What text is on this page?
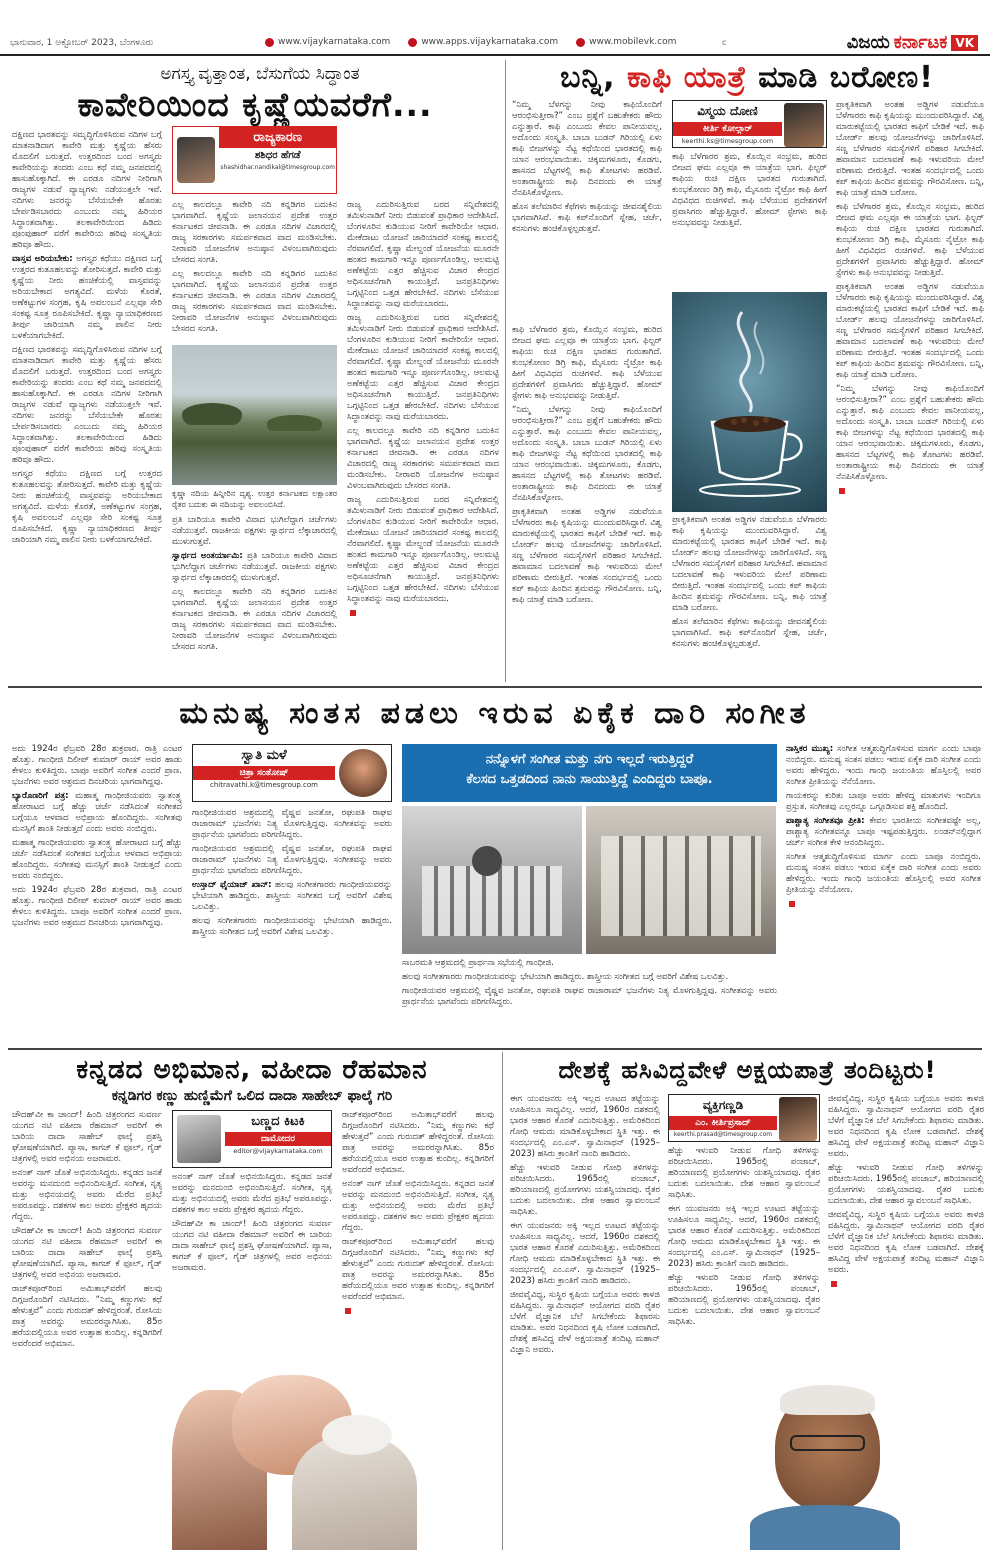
ಭಾನುವಾರ, 1 ಅಕ್ಟೋಬರ್ 2023, ಬೆಂಗಳೂರು	www.vijaykarnataka.com	www.apps.vijaykarnataka.com	www.mobilevk.com	c	ವಿಜಯ ಕರ್ನಾಟಕ VK
ಅಗಸ್ತ್ಯ ವೃತ್ತಾಂತ, ಬೆಸುಗೆಯ ಸಿದ್ಧಾಂತ
ಕಾವೇರಿಯಿಂದ ಕೃಷ್ಣೆಯವರೆಗೆ...

ದಕ್ಷಿಣದ ಭಾರತವನ್ನು ಸಮೃದ್ಧಿಗೊಳಿಸಿರುವ ನದಿಗಳ ಬಗ್ಗೆ ಮಾತನಾಡಿದಾಗ ಕಾವೇರಿ ಮತ್ತು ಕೃಷ್ಣೆಯ ಹೆಸರು ಮೊದಲಿಗೆ ಬರುತ್ತದೆ. ಉತ್ತರದಿಂದ ಬಂದ ಅಗಸ್ತ್ಯರು ಕಾವೇರಿಯನ್ನು ತಂದರು ಎಂಬ ಕಥೆ ನಮ್ಮ ಜನಪದದಲ್ಲಿ ಹಾಸುಹೊಕ್ಕಾಗಿದೆ. ಈ ಎರಡೂ ನದಿಗಳ ನೀರಿಗಾಗಿ ರಾಜ್ಯಗಳ ನಡುವೆ ವ್ಯಾಜ್ಯಗಳು ನಡೆಯುತ್ತಲೇ ಇವೆ. ನದಿಗಳು ಜನರನ್ನು ಬೆಸೆಯಬೇಕೇ ಹೊರತು ಬೇರ್ಪಡಿಸಬಾರದು ಎಂಬುದು ನಮ್ಮ ಹಿರಿಯರ ಸಿದ್ಧಾಂತವಾಗಿತ್ತು. ತಲಕಾವೇರಿಯಿಂದ ಹಿಡಿದು ಪೂಂಪುಹಾರ್ ವರೆಗೆ ಕಾವೇರಿಯ ಹರಿವು ಸಂಸ್ಕೃತಿಯ ಹರಿವೂ ಹೌದು.

ವಾಸ್ತವ ಅರಿಯಬೇಕು: ಅಗಸ್ತ್ಯರ ಕಥೆಯು ದಕ್ಷಿಣದ ಬಗ್ಗೆ ಉತ್ತರದ ಕುತೂಹಲವನ್ನು ತೋರಿಸುತ್ತದೆ. ಕಾವೇರಿ ಮತ್ತು ಕೃಷ್ಣೆಯ ನೀರು ಹಂಚಿಕೆಯಲ್ಲಿ ವಾಸ್ತವವನ್ನು ಅರಿಯಬೇಕಾದ ಅಗತ್ಯವಿದೆ. ಮಳೆಯ ಕೊರತೆ, ಅಣೆಕಟ್ಟುಗಳ ಸಂಗ್ರಹ, ಕೃಷಿ ಅವಲಂಬನೆ ಎಲ್ಲವೂ ಸೇರಿ ಸಂಕಷ್ಟ ಸೂತ್ರ ರೂಪಿಸಬೇಕಿದೆ. ಕೃಷ್ಣಾ ನ್ಯಾಯಾಧಿಕರಣದ ತೀರ್ಪು ಜಾರಿಯಾಗಿ ನಮ್ಮ ಪಾಲಿನ ನೀರು ಬಳಕೆಯಾಗಬೇಕಿದೆ.

ದಕ್ಷಿಣದ ಭಾರತವನ್ನು ಸಮೃದ್ಧಿಗೊಳಿಸಿರುವ ನದಿಗಳ ಬಗ್ಗೆ ಮಾತನಾಡಿದಾಗ ಕಾವೇರಿ ಮತ್ತು ಕೃಷ್ಣೆಯ ಹೆಸರು ಮೊದಲಿಗೆ ಬರುತ್ತದೆ. ಉತ್ತರದಿಂದ ಬಂದ ಅಗಸ್ತ್ಯರು ಕಾವೇರಿಯನ್ನು ತಂದರು ಎಂಬ ಕಥೆ ನಮ್ಮ ಜನಪದದಲ್ಲಿ ಹಾಸುಹೊಕ್ಕಾಗಿದೆ. ಈ ಎರಡೂ ನದಿಗಳ ನೀರಿಗಾಗಿ ರಾಜ್ಯಗಳ ನಡುವೆ ವ್ಯಾಜ್ಯಗಳು ನಡೆಯುತ್ತಲೇ ಇವೆ. ನದಿಗಳು ಜನರನ್ನು ಬೆಸೆಯಬೇಕೇ ಹೊರತು ಬೇರ್ಪಡಿಸಬಾರದು ಎಂಬುದು ನಮ್ಮ ಹಿರಿಯರ ಸಿದ್ಧಾಂತವಾಗಿತ್ತು. ತಲಕಾವೇರಿಯಿಂದ ಹಿಡಿದು ಪೂಂಪುಹಾರ್ ವರೆಗೆ ಕಾವೇರಿಯ ಹರಿವು ಸಂಸ್ಕೃತಿಯ ಹರಿವೂ ಹೌದು.

ಅಗಸ್ತ್ಯರ ಕಥೆಯು ದಕ್ಷಿಣದ ಬಗ್ಗೆ ಉತ್ತರದ ಕುತೂಹಲವನ್ನು ತೋರಿಸುತ್ತದೆ. ಕಾವೇರಿ ಮತ್ತು ಕೃಷ್ಣೆಯ ನೀರು ಹಂಚಿಕೆಯಲ್ಲಿ ವಾಸ್ತವವನ್ನು ಅರಿಯಬೇಕಾದ ಅಗತ್ಯವಿದೆ. ಮಳೆಯ ಕೊರತೆ, ಅಣೆಕಟ್ಟುಗಳ ಸಂಗ್ರಹ, ಕೃಷಿ ಅವಲಂಬನೆ ಎಲ್ಲವೂ ಸೇರಿ ಸಂಕಷ್ಟ ಸೂತ್ರ ರೂಪಿಸಬೇಕಿದೆ. ಕೃಷ್ಣಾ ನ್ಯಾಯಾಧಿಕರಣದ ತೀರ್ಪು ಜಾರಿಯಾಗಿ ನಮ್ಮ ಪಾಲಿನ ನೀರು ಬಳಕೆಯಾಗಬೇಕಿದೆ.

ರಾಜ್ಯಕಾರಣ
ಶಶಿಧರ ಹೆಗಡೆ
shashidhar.nandikal@timesgroup.com

ಎಲ್ಲ ಕಾಲದಲ್ಲೂ ಕಾವೇರಿ ನದಿ ಕನ್ನಡಿಗರ ಬದುಕಿನ ಭಾಗವಾಗಿದೆ. ಕೃಷ್ಣೆಯ ಜಲಾನಯನ ಪ್ರದೇಶ ಉತ್ತರ ಕರ್ನಾಟಕದ ಜೀವನಾಡಿ. ಈ ಎರಡೂ ನದಿಗಳ ವಿಚಾರದಲ್ಲಿ ರಾಜ್ಯ ಸರಕಾರಗಳು ಸಮರ್ಪಕವಾದ ವಾದ ಮಂಡಿಸಬೇಕು. ನೀರಾವರಿ ಯೋಜನೆಗಳ ಅನುಷ್ಠಾನ ವಿಳಂಬವಾಗಿರುವುದು ಬೇಸರದ ಸಂಗತಿ.

ಎಲ್ಲ ಕಾಲದಲ್ಲೂ ಕಾವೇರಿ ನದಿ ಕನ್ನಡಿಗರ ಬದುಕಿನ ಭಾಗವಾಗಿದೆ. ಕೃಷ್ಣೆಯ ಜಲಾನಯನ ಪ್ರದೇಶ ಉತ್ತರ ಕರ್ನಾಟಕದ ಜೀವನಾಡಿ. ಈ ಎರಡೂ ನದಿಗಳ ವಿಚಾರದಲ್ಲಿ ರಾಜ್ಯ ಸರಕಾರಗಳು ಸಮರ್ಪಕವಾದ ವಾದ ಮಂಡಿಸಬೇಕು. ನೀರಾವರಿ ಯೋಜನೆಗಳ ಅನುಷ್ಠಾನ ವಿಳಂಬವಾಗಿರುವುದು ಬೇಸರದ ಸಂಗತಿ.

ಕೃಷ್ಣಾ ನದಿಯ ಹಿನ್ನೀರಿನ ದೃಶ್ಯ. ಉತ್ತರ ಕರ್ನಾಟಕದ ಲಕ್ಷಾಂತರ ರೈತರ ಬದುಕು ಈ ನದಿಯನ್ನು ಅವಲಂಬಿಸಿದೆ.

ಪ್ರತಿ ಬಾರಿಯೂ ಕಾವೇರಿ ವಿವಾದ ಭುಗಿಲೆದ್ದಾಗ ಚರ್ಚೆಗಳು ನಡೆಯುತ್ತವೆ. ರಾಜಕೀಯ ಪಕ್ಷಗಳು ಸ್ವಾರ್ಥದ ಲೆಕ್ಕಾಚಾರದಲ್ಲಿ ಮುಳುಗುತ್ತವೆ.

ಸ್ವಾರ್ಥದ ಅಂತರ್ಯಾಮಿ: ಪ್ರತಿ ಬಾರಿಯೂ ಕಾವೇರಿ ವಿವಾದ ಭುಗಿಲೆದ್ದಾಗ ಚರ್ಚೆಗಳು ನಡೆಯುತ್ತವೆ. ರಾಜಕೀಯ ಪಕ್ಷಗಳು ಸ್ವಾರ್ಥದ ಲೆಕ್ಕಾಚಾರದಲ್ಲಿ ಮುಳುಗುತ್ತವೆ.

ಎಲ್ಲ ಕಾಲದಲ್ಲೂ ಕಾವೇರಿ ನದಿ ಕನ್ನಡಿಗರ ಬದುಕಿನ ಭಾಗವಾಗಿದೆ. ಕೃಷ್ಣೆಯ ಜಲಾನಯನ ಪ್ರದೇಶ ಉತ್ತರ ಕರ್ನಾಟಕದ ಜೀವನಾಡಿ. ಈ ಎರಡೂ ನದಿಗಳ ವಿಚಾರದಲ್ಲಿ ರಾಜ್ಯ ಸರಕಾರಗಳು ಸಮರ್ಪಕವಾದ ವಾದ ಮಂಡಿಸಬೇಕು. ನೀರಾವರಿ ಯೋಜನೆಗಳ ಅನುಷ್ಠಾನ ವಿಳಂಬವಾಗಿರುವುದು ಬೇಸರದ ಸಂಗತಿ.

ರಾಜ್ಯ ಎದುರಿಸುತ್ತಿರುವ ಬರದ ಸನ್ನಿವೇಶದಲ್ಲಿ ತಮಿಳುನಾಡಿಗೆ ನೀರು ಬಿಡುವಂತೆ ಪ್ರಾಧಿಕಾರ ಆದೇಶಿಸಿದೆ. ಬೆಂಗಳೂರಿನ ಕುಡಿಯುವ ನೀರಿಗೆ ಕಾವೇರಿಯೇ ಆಧಾರ. ಮೇಕೆದಾಟು ಯೋಜನೆ ಜಾರಿಯಾದರೆ ಸಂಕಷ್ಟ ಕಾಲದಲ್ಲಿ ನೆರವಾಗಲಿದೆ. ಕೃಷ್ಣಾ ಮೇಲ್ದಂಡೆ ಯೋಜನೆಯ ಮೂರನೇ ಹಂತದ ಕಾಮಗಾರಿ ಇನ್ನೂ ಪೂರ್ಣಗೊಂಡಿಲ್ಲ. ಆಲಮಟ್ಟಿ ಅಣೆಕಟ್ಟೆಯ ಎತ್ತರ ಹೆಚ್ಚಿಸುವ ವಿಚಾರ ಕೇಂದ್ರದ ಅಧಿಸೂಚನೆಗಾಗಿ ಕಾಯುತ್ತಿದೆ. ಜನಪ್ರತಿನಿಧಿಗಳು ಒಗ್ಗಟ್ಟಿನಿಂದ ಒತ್ತಡ ಹೇರಬೇಕಿದೆ. ನದಿಗಳು ಬೆಸೆಯುವ ಸಿದ್ಧಾಂತವನ್ನು ನಾವು ಮರೆಯಬಾರದು.

ರಾಜ್ಯ ಎದುರಿಸುತ್ತಿರುವ ಬರದ ಸನ್ನಿವೇಶದಲ್ಲಿ ತಮಿಳುನಾಡಿಗೆ ನೀರು ಬಿಡುವಂತೆ ಪ್ರಾಧಿಕಾರ ಆದೇಶಿಸಿದೆ. ಬೆಂಗಳೂರಿನ ಕುಡಿಯುವ ನೀರಿಗೆ ಕಾವೇರಿಯೇ ಆಧಾರ. ಮೇಕೆದಾಟು ಯೋಜನೆ ಜಾರಿಯಾದರೆ ಸಂಕಷ್ಟ ಕಾಲದಲ್ಲಿ ನೆರವಾಗಲಿದೆ. ಕೃಷ್ಣಾ ಮೇಲ್ದಂಡೆ ಯೋಜನೆಯ ಮೂರನೇ ಹಂತದ ಕಾಮಗಾರಿ ಇನ್ನೂ ಪೂರ್ಣಗೊಂಡಿಲ್ಲ. ಆಲಮಟ್ಟಿ ಅಣೆಕಟ್ಟೆಯ ಎತ್ತರ ಹೆಚ್ಚಿಸುವ ವಿಚಾರ ಕೇಂದ್ರದ ಅಧಿಸೂಚನೆಗಾಗಿ ಕಾಯುತ್ತಿದೆ. ಜನಪ್ರತಿನಿಧಿಗಳು ಒಗ್ಗಟ್ಟಿನಿಂದ ಒತ್ತಡ ಹೇರಬೇಕಿದೆ. ನದಿಗಳು ಬೆಸೆಯುವ ಸಿದ್ಧಾಂತವನ್ನು ನಾವು ಮರೆಯಬಾರದು.

ಎಲ್ಲ ಕಾಲದಲ್ಲೂ ಕಾವೇರಿ ನದಿ ಕನ್ನಡಿಗರ ಬದುಕಿನ ಭಾಗವಾಗಿದೆ. ಕೃಷ್ಣೆಯ ಜಲಾನಯನ ಪ್ರದೇಶ ಉತ್ತರ ಕರ್ನಾಟಕದ ಜೀವನಾಡಿ. ಈ ಎರಡೂ ನದಿಗಳ ವಿಚಾರದಲ್ಲಿ ರಾಜ್ಯ ಸರಕಾರಗಳು ಸಮರ್ಪಕವಾದ ವಾದ ಮಂಡಿಸಬೇಕು. ನೀರಾವರಿ ಯೋಜನೆಗಳ ಅನುಷ್ಠಾನ ವಿಳಂಬವಾಗಿರುವುದು ಬೇಸರದ ಸಂಗತಿ.

ರಾಜ್ಯ ಎದುರಿಸುತ್ತಿರುವ ಬರದ ಸನ್ನಿವೇಶದಲ್ಲಿ ತಮಿಳುನಾಡಿಗೆ ನೀರು ಬಿಡುವಂತೆ ಪ್ರಾಧಿಕಾರ ಆದೇಶಿಸಿದೆ. ಬೆಂಗಳೂರಿನ ಕುಡಿಯುವ ನೀರಿಗೆ ಕಾವೇರಿಯೇ ಆಧಾರ. ಮೇಕೆದಾಟು ಯೋಜನೆ ಜಾರಿಯಾದರೆ ಸಂಕಷ್ಟ ಕಾಲದಲ್ಲಿ ನೆರವಾಗಲಿದೆ. ಕೃಷ್ಣಾ ಮೇಲ್ದಂಡೆ ಯೋಜನೆಯ ಮೂರನೇ ಹಂತದ ಕಾಮಗಾರಿ ಇನ್ನೂ ಪೂರ್ಣಗೊಂಡಿಲ್ಲ. ಆಲಮಟ್ಟಿ ಅಣೆಕಟ್ಟೆಯ ಎತ್ತರ ಹೆಚ್ಚಿಸುವ ವಿಚಾರ ಕೇಂದ್ರದ ಅಧಿಸೂಚನೆಗಾಗಿ ಕಾಯುತ್ತಿದೆ. ಜನಪ್ರತಿನಿಧಿಗಳು ಒಗ್ಗಟ್ಟಿನಿಂದ ಒತ್ತಡ ಹೇರಬೇಕಿದೆ. ನದಿಗಳು ಬೆಸೆಯುವ ಸಿದ್ಧಾಂತವನ್ನು ನಾವು ಮರೆಯಬಾರದು.

ಬನ್ನಿ, ಕಾಫಿ ಯಾತ್ರೆ ಮಾಡಿ ಬರೋಣ!

“ನಿಮ್ಮ ಬೆಳಗನ್ನು ನೀವು ಕಾಫಿಯೊಂದಿಗೆ ಆರಂಭಿಸುತ್ತೀರಾ?” ಎಂಬ ಪ್ರಶ್ನೆಗೆ ಬಹುತೇಕರು ಹೌದು ಎನ್ನುತ್ತಾರೆ. ಕಾಫಿ ಎಂಬುದು ಕೇವಲ ಪಾನೀಯವಲ್ಲ, ಅದೊಂದು ಸಂಸ್ಕೃತಿ. ಬಾಬಾ ಬುಡನ್ ಗಿರಿಯಲ್ಲಿ ಏಳು ಕಾಫಿ ಬೀಜಗಳನ್ನು ನೆಟ್ಟ ಕಥೆಯಿಂದ ಭಾರತದಲ್ಲಿ ಕಾಫಿ ಯಾನ ಆರಂಭವಾಯಿತು. ಚಿಕ್ಕಮಗಳೂರು, ಕೊಡಗು, ಹಾಸನದ ಬೆಟ್ಟಗಳಲ್ಲಿ ಕಾಫಿ ತೋಟಗಳು ಹರಡಿವೆ. ಅಂತಾರಾಷ್ಟ್ರೀಯ ಕಾಫಿ ದಿನದಂದು ಈ ಯಾತ್ರೆ ನೆನಪಿಸಿಕೊಳ್ಳೋಣ.

ಹೊಸ ತಲೆಮಾರಿನ ಕೆಫೆಗಳು ಕಾಫಿಯನ್ನು ಜೀವನಶೈಲಿಯ ಭಾಗವಾಗಿಸಿವೆ. ಕಾಫಿ ಕಪ್‌ನೊಂದಿಗೆ ಸ್ನೇಹ, ಚರ್ಚೆ, ಕನಸುಗಳು ಹಂಚಿಕೊಳ್ಳಲ್ಪಡುತ್ತವೆ.

ವಿಸ್ಮಯ ದೋಣಿ
ಕೀರ್ತಿ ಕೋಲ್ಗಾರ್
keerthi.ks@timesgroup.com

ಕಾಫಿ ಬೆಳೆಗಾರರ ಶ್ರಮ, ಕೊಯ್ಲಿನ ಸಂಭ್ರಮ, ಹುರಿದ ಬೀಜದ ಘಮ ಎಲ್ಲವೂ ಈ ಯಾತ್ರೆಯ ಭಾಗ. ಫಿಲ್ಟರ್ ಕಾಫಿಯ ರುಚಿ ದಕ್ಷಿಣ ಭಾರತದ ಗುರುತಾಗಿದೆ. ಕುಂಭಕೋಣಂ ಡಿಗ್ರಿ ಕಾಫಿ, ಮೈಸೂರು ನೈಟ್ರೋ ಕಾಫಿ ಹೀಗೆ ವಿಧವಿಧದ ರುಚಿಗಳಿವೆ. ಕಾಫಿ ಬೆಳೆಯುವ ಪ್ರದೇಶಗಳಿಗೆ ಪ್ರವಾಸಿಗರು ಹೆಚ್ಚುತ್ತಿದ್ದಾರೆ. ಹೋಮ್ ಸ್ಟೇಗಳು ಕಾಫಿ ಅನುಭವವನ್ನು ನೀಡುತ್ತಿವೆ.

ಪ್ರಾಕೃತಿಕವಾಗಿ ಅಂತಹ ಅಡ್ಡಿಗಳ ನಡುವೆಯೂ ಬೆಳೆಗಾರರು ಕಾಫಿ ಕೃಷಿಯನ್ನು ಮುಂದುವರಿಸಿದ್ದಾರೆ. ವಿಶ್ವ ಮಾರುಕಟ್ಟೆಯಲ್ಲಿ ಭಾರತದ ಕಾಫಿಗೆ ಬೇಡಿಕೆ ಇದೆ. ಕಾಫಿ ಬೋರ್ಡ್ ಹಲವು ಯೋಜನೆಗಳನ್ನು ಜಾರಿಗೊಳಿಸಿದೆ. ಸಣ್ಣ ಬೆಳೆಗಾರರ ಸಮಸ್ಯೆಗಳಿಗೆ ಪರಿಹಾರ ಸಿಗಬೇಕಿದೆ. ಹವಾಮಾನ ಬದಲಾವಣೆ ಕಾಫಿ ಇಳುವರಿಯ ಮೇಲೆ ಪರಿಣಾಮ ಬೀರುತ್ತಿದೆ. ಇಂತಹ ಸಂದರ್ಭದಲ್ಲಿ ಒಂದು ಕಪ್ ಕಾಫಿಯ ಹಿಂದಿನ ಶ್ರಮವನ್ನು ಗೌರವಿಸೋಣ. ಬನ್ನಿ, ಕಾಫಿ ಯಾತ್ರೆ ಮಾಡಿ ಬರೋಣ.

ಕಾಫಿ ಬೆಳೆಗಾರರ ಶ್ರಮ, ಕೊಯ್ಲಿನ ಸಂಭ್ರಮ, ಹುರಿದ ಬೀಜದ ಘಮ ಎಲ್ಲವೂ ಈ ಯಾತ್ರೆಯ ಭಾಗ. ಫಿಲ್ಟರ್ ಕಾಫಿಯ ರುಚಿ ದಕ್ಷಿಣ ಭಾರತದ ಗುರುತಾಗಿದೆ. ಕುಂಭಕೋಣಂ ಡಿಗ್ರಿ ಕಾಫಿ, ಮೈಸೂರು ನೈಟ್ರೋ ಕಾಫಿ ಹೀಗೆ ವಿಧವಿಧದ ರುಚಿಗಳಿವೆ. ಕಾಫಿ ಬೆಳೆಯುವ ಪ್ರದೇಶಗಳಿಗೆ ಪ್ರವಾಸಿಗರು ಹೆಚ್ಚುತ್ತಿದ್ದಾರೆ. ಹೋಮ್ ಸ್ಟೇಗಳು ಕಾಫಿ ಅನುಭವವನ್ನು ನೀಡುತ್ತಿವೆ.

ಪ್ರಾಕೃತಿಕವಾಗಿ ಅಂತಹ ಅಡ್ಡಿಗಳ ನಡುವೆಯೂ ಬೆಳೆಗಾರರು ಕಾಫಿ ಕೃಷಿಯನ್ನು ಮುಂದುವರಿಸಿದ್ದಾರೆ. ವಿಶ್ವ ಮಾರುಕಟ್ಟೆಯಲ್ಲಿ ಭಾರತದ ಕಾಫಿಗೆ ಬೇಡಿಕೆ ಇದೆ. ಕಾಫಿ ಬೋರ್ಡ್ ಹಲವು ಯೋಜನೆಗಳನ್ನು ಜಾರಿಗೊಳಿಸಿದೆ. ಸಣ್ಣ ಬೆಳೆಗಾರರ ಸಮಸ್ಯೆಗಳಿಗೆ ಪರಿಹಾರ ಸಿಗಬೇಕಿದೆ. ಹವಾಮಾನ ಬದಲಾವಣೆ ಕಾಫಿ ಇಳುವರಿಯ ಮೇಲೆ ಪರಿಣಾಮ ಬೀರುತ್ತಿದೆ. ಇಂತಹ ಸಂದರ್ಭದಲ್ಲಿ ಒಂದು ಕಪ್ ಕಾಫಿಯ ಹಿಂದಿನ ಶ್ರಮವನ್ನು ಗೌರವಿಸೋಣ. ಬನ್ನಿ, ಕಾಫಿ ಯಾತ್ರೆ ಮಾಡಿ ಬರೋಣ.

“ನಿಮ್ಮ ಬೆಳಗನ್ನು ನೀವು ಕಾಫಿಯೊಂದಿಗೆ ಆರಂಭಿಸುತ್ತೀರಾ?” ಎಂಬ ಪ್ರಶ್ನೆಗೆ ಬಹುತೇಕರು ಹೌದು ಎನ್ನುತ್ತಾರೆ. ಕಾಫಿ ಎಂಬುದು ಕೇವಲ ಪಾನೀಯವಲ್ಲ, ಅದೊಂದು ಸಂಸ್ಕೃತಿ. ಬಾಬಾ ಬುಡನ್ ಗಿರಿಯಲ್ಲಿ ಏಳು ಕಾಫಿ ಬೀಜಗಳನ್ನು ನೆಟ್ಟ ಕಥೆಯಿಂದ ಭಾರತದಲ್ಲಿ ಕಾಫಿ ಯಾನ ಆರಂಭವಾಯಿತು. ಚಿಕ್ಕಮಗಳೂರು, ಕೊಡಗು, ಹಾಸನದ ಬೆಟ್ಟಗಳಲ್ಲಿ ಕಾಫಿ ತೋಟಗಳು ಹರಡಿವೆ. ಅಂತಾರಾಷ್ಟ್ರೀಯ ಕಾಫಿ ದಿನದಂದು ಈ ಯಾತ್ರೆ ನೆನಪಿಸಿಕೊಳ್ಳೋಣ.

ಕಾಫಿ ಬೆಳೆಗಾರರ ಶ್ರಮ, ಕೊಯ್ಲಿನ ಸಂಭ್ರಮ, ಹುರಿದ ಬೀಜದ ಘಮ ಎಲ್ಲವೂ ಈ ಯಾತ್ರೆಯ ಭಾಗ. ಫಿಲ್ಟರ್ ಕಾಫಿಯ ರುಚಿ ದಕ್ಷಿಣ ಭಾರತದ ಗುರುತಾಗಿದೆ. ಕುಂಭಕೋಣಂ ಡಿಗ್ರಿ ಕಾಫಿ, ಮೈಸೂರು ನೈಟ್ರೋ ಕಾಫಿ ಹೀಗೆ ವಿಧವಿಧದ ರುಚಿಗಳಿವೆ. ಕಾಫಿ ಬೆಳೆಯುವ ಪ್ರದೇಶಗಳಿಗೆ ಪ್ರವಾಸಿಗರು ಹೆಚ್ಚುತ್ತಿದ್ದಾರೆ. ಹೋಮ್ ಸ್ಟೇಗಳು ಕಾಫಿ ಅನುಭವವನ್ನು ನೀಡುತ್ತಿವೆ.

“ನಿಮ್ಮ ಬೆಳಗನ್ನು ನೀವು ಕಾಫಿಯೊಂದಿಗೆ ಆರಂಭಿಸುತ್ತೀರಾ?” ಎಂಬ ಪ್ರಶ್ನೆಗೆ ಬಹುತೇಕರು ಹೌದು ಎನ್ನುತ್ತಾರೆ. ಕಾಫಿ ಎಂಬುದು ಕೇವಲ ಪಾನೀಯವಲ್ಲ, ಅದೊಂದು ಸಂಸ್ಕೃತಿ. ಬಾಬಾ ಬುಡನ್ ಗಿರಿಯಲ್ಲಿ ಏಳು ಕಾಫಿ ಬೀಜಗಳನ್ನು ನೆಟ್ಟ ಕಥೆಯಿಂದ ಭಾರತದಲ್ಲಿ ಕಾಫಿ ಯಾನ ಆರಂಭವಾಯಿತು. ಚಿಕ್ಕಮಗಳೂರು, ಕೊಡಗು, ಹಾಸನದ ಬೆಟ್ಟಗಳಲ್ಲಿ ಕಾಫಿ ತೋಟಗಳು ಹರಡಿವೆ. ಅಂತಾರಾಷ್ಟ್ರೀಯ ಕಾಫಿ ದಿನದಂದು ಈ ಯಾತ್ರೆ ನೆನಪಿಸಿಕೊಳ್ಳೋಣ.

ಪ್ರಾಕೃತಿಕವಾಗಿ ಅಂತಹ ಅಡ್ಡಿಗಳ ನಡುವೆಯೂ ಬೆಳೆಗಾರರು ಕಾಫಿ ಕೃಷಿಯನ್ನು ಮುಂದುವರಿಸಿದ್ದಾರೆ. ವಿಶ್ವ ಮಾರುಕಟ್ಟೆಯಲ್ಲಿ ಭಾರತದ ಕಾಫಿಗೆ ಬೇಡಿಕೆ ಇದೆ. ಕಾಫಿ ಬೋರ್ಡ್ ಹಲವು ಯೋಜನೆಗಳನ್ನು ಜಾರಿಗೊಳಿಸಿದೆ. ಸಣ್ಣ ಬೆಳೆಗಾರರ ಸಮಸ್ಯೆಗಳಿಗೆ ಪರಿಹಾರ ಸಿಗಬೇಕಿದೆ. ಹವಾಮಾನ ಬದಲಾವಣೆ ಕಾಫಿ ಇಳುವರಿಯ ಮೇಲೆ ಪರಿಣಾಮ ಬೀರುತ್ತಿದೆ. ಇಂತಹ ಸಂದರ್ಭದಲ್ಲಿ ಒಂದು ಕಪ್ ಕಾಫಿಯ ಹಿಂದಿನ ಶ್ರಮವನ್ನು ಗೌರವಿಸೋಣ. ಬನ್ನಿ, ಕಾಫಿ ಯಾತ್ರೆ ಮಾಡಿ ಬರೋಣ.

ಪ್ರಾಕೃತಿಕವಾಗಿ ಅಂತಹ ಅಡ್ಡಿಗಳ ನಡುವೆಯೂ ಬೆಳೆಗಾರರು ಕಾಫಿ ಕೃಷಿಯನ್ನು ಮುಂದುವರಿಸಿದ್ದಾರೆ. ವಿಶ್ವ ಮಾರುಕಟ್ಟೆಯಲ್ಲಿ ಭಾರತದ ಕಾಫಿಗೆ ಬೇಡಿಕೆ ಇದೆ. ಕಾಫಿ ಬೋರ್ಡ್ ಹಲವು ಯೋಜನೆಗಳನ್ನು ಜಾರಿಗೊಳಿಸಿದೆ. ಸಣ್ಣ ಬೆಳೆಗಾರರ ಸಮಸ್ಯೆಗಳಿಗೆ ಪರಿಹಾರ ಸಿಗಬೇಕಿದೆ. ಹವಾಮಾನ ಬದಲಾವಣೆ ಕಾಫಿ ಇಳುವರಿಯ ಮೇಲೆ ಪರಿಣಾಮ ಬೀರುತ್ತಿದೆ. ಇಂತಹ ಸಂದರ್ಭದಲ್ಲಿ ಒಂದು ಕಪ್ ಕಾಫಿಯ ಹಿಂದಿನ ಶ್ರಮವನ್ನು ಗೌರವಿಸೋಣ. ಬನ್ನಿ, ಕಾಫಿ ಯಾತ್ರೆ ಮಾಡಿ ಬರೋಣ.

ಹೊಸ ತಲೆಮಾರಿನ ಕೆಫೆಗಳು ಕಾಫಿಯನ್ನು ಜೀವನಶೈಲಿಯ ಭಾಗವಾಗಿಸಿವೆ. ಕಾಫಿ ಕಪ್‌ನೊಂದಿಗೆ ಸ್ನೇಹ, ಚರ್ಚೆ, ಕನಸುಗಳು ಹಂಚಿಕೊಳ್ಳಲ್ಪಡುತ್ತವೆ.

ಮನುಷ್ಯ ಸಂತಸ ಪಡಲು ಇರುವ ಏಕೈಕ ದಾರಿ ಸಂಗೀತ

ಅದು 1924ರ ಫೆಬ್ರವರಿ 28ರ ಶುಕ್ರವಾರ. ರಾತ್ರಿ ಎಂಟರ ಹೊತ್ತು. ಗಾಂಧೀಜಿ ದಿಲೀಪ್ ಕುಮಾರ್ ರಾಯ್ ಅವರ ಹಾಡು ಕೇಳಲು ಕುಳಿತಿದ್ದರು. ಬಾಪೂ ಅವರಿಗೆ ಸಂಗೀತ ಎಂದರೆ ಪ್ರಾಣ. ಭಜನೆಗಳು ಅವರ ಆಶ್ರಮದ ದಿನಚರಿಯ ಭಾಗವಾಗಿದ್ದವು.

ಬ್ಯಾರೊಣರಿಗೆ ಪತ್ರ: ಮಹಾತ್ಮ ಗಾಂಧೀಜಿಯವರು ಸ್ವಾತಂತ್ರ್ಯ ಹೋರಾಟದ ಬಗ್ಗೆ ಹೆಚ್ಚು ಚರ್ಚೆ ನಡೆಸಿದಂತೆ ಸಂಗೀತದ ಬಗ್ಗೆಯೂ ಆಳವಾದ ಅಭಿಪ್ರಾಯ ಹೊಂದಿದ್ದರು. ಸಂಗೀತವು ಮನಸ್ಸಿಗೆ ಶಾಂತಿ ನೀಡುತ್ತದೆ ಎಂದು ಅವರು ನಂಬಿದ್ದರು.

ಮಹಾತ್ಮ ಗಾಂಧೀಜಿಯವರು ಸ್ವಾತಂತ್ರ್ಯ ಹೋರಾಟದ ಬಗ್ಗೆ ಹೆಚ್ಚು ಚರ್ಚೆ ನಡೆಸಿದಂತೆ ಸಂಗೀತದ ಬಗ್ಗೆಯೂ ಆಳವಾದ ಅಭಿಪ್ರಾಯ ಹೊಂದಿದ್ದರು. ಸಂಗೀತವು ಮನಸ್ಸಿಗೆ ಶಾಂತಿ ನೀಡುತ್ತದೆ ಎಂದು ಅವರು ನಂಬಿದ್ದರು.

ಅದು 1924ರ ಫೆಬ್ರವರಿ 28ರ ಶುಕ್ರವಾರ. ರಾತ್ರಿ ಎಂಟರ ಹೊತ್ತು. ಗಾಂಧೀಜಿ ದಿಲೀಪ್ ಕುಮಾರ್ ರಾಯ್ ಅವರ ಹಾಡು ಕೇಳಲು ಕುಳಿತಿದ್ದರು. ಬಾಪೂ ಅವರಿಗೆ ಸಂಗೀತ ಎಂದರೆ ಪ್ರಾಣ. ಭಜನೆಗಳು ಅವರ ಆಶ್ರಮದ ದಿನಚರಿಯ ಭಾಗವಾಗಿದ್ದವು.

ಸ್ವಾತಿ ಮಳೆ
ಚಿತ್ರಾ ಸಂತೋಷ್
chitravathi.k@timesgroup.com

ಗಾಂಧೀಜಿಯವರ ಆಶ್ರಮದಲ್ಲಿ ವೈಷ್ಣವ ಜನತೋ, ರಘುಪತಿ ರಾಘವ ರಾಜಾರಾಮ್ ಭಜನೆಗಳು ನಿತ್ಯ ಮೊಳಗುತ್ತಿದ್ದವು. ಸಂಗೀತವನ್ನು ಅವರು ಪ್ರಾರ್ಥನೆಯ ಭಾಗವೆಂದು ಪರಿಗಣಿಸಿದ್ದರು.

ಗಾಂಧೀಜಿಯವರ ಆಶ್ರಮದಲ್ಲಿ ವೈಷ್ಣವ ಜನತೋ, ರಘುಪತಿ ರಾಘವ ರಾಜಾರಾಮ್ ಭಜನೆಗಳು ನಿತ್ಯ ಮೊಳಗುತ್ತಿದ್ದವು. ಸಂಗೀತವನ್ನು ಅವರು ಪ್ರಾರ್ಥನೆಯ ಭಾಗವೆಂದು ಪರಿಗಣಿಸಿದ್ದರು.

ಉಸ್ತಾದ್ ಫೈಯಾಜ್ ಖಾನ್: ಹಲವು ಸಂಗೀತಗಾರರು ಗಾಂಧೀಜಿಯವರನ್ನು ಭೇಟಿಯಾಗಿ ಹಾಡಿದ್ದರು. ಶಾಸ್ತ್ರೀಯ ಸಂಗೀತದ ಬಗ್ಗೆ ಅವರಿಗೆ ವಿಶೇಷ ಒಲವಿತ್ತು.

ಹಲವು ಸಂಗೀತಗಾರರು ಗಾಂಧೀಜಿಯವರನ್ನು ಭೇಟಿಯಾಗಿ ಹಾಡಿದ್ದರು. ಶಾಸ್ತ್ರೀಯ ಸಂಗೀತದ ಬಗ್ಗೆ ಅವರಿಗೆ ವಿಶೇಷ ಒಲವಿತ್ತು.

ನನ್ನೊಳಗೆ ಸಂಗೀತ ಮತ್ತು ನಗು ಇಲ್ಲದೆ ಇರುತ್ತಿದ್ದರೆ
ಕೆಲಸದ ಒತ್ತಡದಿಂದ ನಾನು ಸಾಯುತ್ತಿದ್ದೆ ಎಂದಿದ್ದರು ಬಾಪೂ.

ಸಾಬರಮತಿ ಆಶ್ರಮದಲ್ಲಿ ಪ್ರಾರ್ಥನಾ ಸಭೆಯಲ್ಲಿ ಗಾಂಧೀಜಿ.

ಹಲವು ಸಂಗೀತಗಾರರು ಗಾಂಧೀಜಿಯವರನ್ನು ಭೇಟಿಯಾಗಿ ಹಾಡಿದ್ದರು. ಶಾಸ್ತ್ರೀಯ ಸಂಗೀತದ ಬಗ್ಗೆ ಅವರಿಗೆ ವಿಶೇಷ ಒಲವಿತ್ತು.

ಗಾಂಧೀಜಿಯವರ ಆಶ್ರಮದಲ್ಲಿ ವೈಷ್ಣವ ಜನತೋ, ರಘುಪತಿ ರಾಘವ ರಾಜಾರಾಮ್ ಭಜನೆಗಳು ನಿತ್ಯ ಮೊಳಗುತ್ತಿದ್ದವು. ಸಂಗೀತವನ್ನು ಅವರು ಪ್ರಾರ್ಥನೆಯ ಭಾಗವೆಂದು ಪರಿಗಣಿಸಿದ್ದರು.

ನಾಸ್ತಿಕರ ಮುಖ್ಯ: ಸಂಗೀತ ಆತ್ಮಶುದ್ಧಿಗೊಳಿಸುವ ಮಾರ್ಗ ಎಂದು ಬಾಪೂ ನಂಬಿದ್ದರು. ಮನುಷ್ಯ ಸಂತಸ ಪಡಲು ಇರುವ ಏಕೈಕ ದಾರಿ ಸಂಗೀತ ಎಂದು ಅವರು ಹೇಳಿದ್ದರು. ಇಂದು ಗಾಂಧಿ ಜಯಂತಿಯ ಹೊಸ್ತಿಲಲ್ಲಿ ಅವರ ಸಂಗೀತ ಪ್ರೀತಿಯನ್ನು ನೆನೆಯೋಣ.

ಗಾಯಕರನ್ನು ಕುರಿತು ಬಾಪೂ ಅವರು ಹೇಳಿದ್ದ ಮಾತುಗಳು ಇಂದಿಗೂ ಪ್ರಸ್ತುತ. ಸಂಗೀತವು ಎಲ್ಲರನ್ನೂ ಒಗ್ಗೂಡಿಸುವ ಶಕ್ತಿ ಹೊಂದಿದೆ.

ಪಾಶ್ಚಾತ್ಯ ಸಂಗೀತವೂ ಪ್ರೀತಿ: ಕೇವಲ ಭಾರತೀಯ ಸಂಗೀತವಷ್ಟೇ ಅಲ್ಲ, ಪಾಶ್ಚಾತ್ಯ ಸಂಗೀತವನ್ನೂ ಬಾಪೂ ಇಷ್ಟಪಡುತ್ತಿದ್ದರು. ಲಂಡನ್‌ನಲ್ಲಿದ್ದಾಗ ಚರ್ಚ್ ಸಂಗೀತ ಕೇಳಿ ಆನಂದಿಸಿದ್ದರು.

ಸಂಗೀತ ಆತ್ಮಶುದ್ಧಿಗೊಳಿಸುವ ಮಾರ್ಗ ಎಂದು ಬಾಪೂ ನಂಬಿದ್ದರು. ಮನುಷ್ಯ ಸಂತಸ ಪಡಲು ಇರುವ ಏಕೈಕ ದಾರಿ ಸಂಗೀತ ಎಂದು ಅವರು ಹೇಳಿದ್ದರು. ಇಂದು ಗಾಂಧಿ ಜಯಂತಿಯ ಹೊಸ್ತಿಲಲ್ಲಿ ಅವರ ಸಂಗೀತ ಪ್ರೀತಿಯನ್ನು ನೆನೆಯೋಣ.

ಕನ್ನಡದ ಅಭಿಮಾನ, ವಹೀದಾ ರೆಹಮಾನ
ಕನ್ನಡಿಗರ ಕಣ್ಣು ಹುಣ್ಣಿಮೆಗೆ ಒಲಿದ ದಾದಾ ಸಾಹೇಬ್ ಫಾಲ್ಕೆ ಗರಿ

ಚೌದಹ್‌ವೀ ಕಾ ಚಾಂದ್! ಹಿಂದಿ ಚಿತ್ರರಂಗದ ಸುವರ್ಣ ಯುಗದ ನಟಿ ವಹೀದಾ ರೆಹಮಾನ್ ಅವರಿಗೆ ಈ ಬಾರಿಯ ದಾದಾ ಸಾಹೇಬ್ ಫಾಲ್ಕೆ ಪ್ರಶಸ್ತಿ ಘೋಷಣೆಯಾಗಿದೆ. ಪ್ಯಾಸಾ, ಕಾಗಜ್ ಕೆ ಫೂಲ್, ಗೈಡ್ ಚಿತ್ರಗಳಲ್ಲಿ ಅವರ ಅಭಿನಯ ಅಜರಾಮರ.

ಅನಂತ್ ನಾಗ್ ಜೊತೆ ಅಭಿನಯಿಸಿದ್ದರು. ಕನ್ನಡದ ಜನತೆ ಅವರನ್ನು ಮನದುಂಬಿ ಅಭಿನಂದಿಸುತ್ತಿದೆ. ಸಂಗೀತ, ನೃತ್ಯ ಮತ್ತು ಅಭಿನಯದಲ್ಲಿ ಅವರು ಮೆರೆದ ಪ್ರತಿಭೆ ಅಪರೂಪದ್ದು. ದಶಕಗಳ ಕಾಲ ಅವರು ಪ್ರೇಕ್ಷಕರ ಹೃದಯ ಗೆದ್ದರು.

ಚೌದಹ್‌ವೀ ಕಾ ಚಾಂದ್! ಹಿಂದಿ ಚಿತ್ರರಂಗದ ಸುವರ್ಣ ಯುಗದ ನಟಿ ವಹೀದಾ ರೆಹಮಾನ್ ಅವರಿಗೆ ಈ ಬಾರಿಯ ದಾದಾ ಸಾಹೇಬ್ ಫಾಲ್ಕೆ ಪ್ರಶಸ್ತಿ ಘೋಷಣೆಯಾಗಿದೆ. ಪ್ಯಾಸಾ, ಕಾಗಜ್ ಕೆ ಫೂಲ್, ಗೈಡ್ ಚಿತ್ರಗಳಲ್ಲಿ ಅವರ ಅಭಿನಯ ಅಜರಾಮರ.

ರಾಜ್‌ಕಪೂರ್‌ರಿಂದ ಅಮಿತಾಭ್‌ವರೆಗೆ ಹಲವು ದಿಗ್ಗಜರೊಂದಿಗೆ ನಟಿಸಿದರು. “ನಿಮ್ಮ ಕಣ್ಣುಗಳು ಕಥೆ ಹೇಳುತ್ತವೆ” ಎಂದು ಗುರುದತ್ ಹೇಳಿದ್ದರಂತೆ. ರೋಸಿಯ ಪಾತ್ರ ಅವರನ್ನು ಅಮರರನ್ನಾಗಿಸಿತು. 85ರ ಹರೆಯದಲ್ಲಿಯೂ ಅವರ ಉತ್ಸಾಹ ಕುಂದಿಲ್ಲ. ಕನ್ನಡಿಗರಿಗೆ ಅವರೆಂದರೆ ಅಭಿಮಾನ.

ಬಣ್ಣದ ಕಿಟಕಿ
ದಾಮೋದರ
editor@vijaykarnataka.com

ಅನಂತ್ ನಾಗ್ ಜೊತೆ ಅಭಿನಯಿಸಿದ್ದರು. ಕನ್ನಡದ ಜನತೆ ಅವರನ್ನು ಮನದುಂಬಿ ಅಭಿನಂದಿಸುತ್ತಿದೆ. ಸಂಗೀತ, ನೃತ್ಯ ಮತ್ತು ಅಭಿನಯದಲ್ಲಿ ಅವರು ಮೆರೆದ ಪ್ರತಿಭೆ ಅಪರೂಪದ್ದು. ದಶಕಗಳ ಕಾಲ ಅವರು ಪ್ರೇಕ್ಷಕರ ಹೃದಯ ಗೆದ್ದರು.

ಚೌದಹ್‌ವೀ ಕಾ ಚಾಂದ್! ಹಿಂದಿ ಚಿತ್ರರಂಗದ ಸುವರ್ಣ ಯುಗದ ನಟಿ ವಹೀದಾ ರೆಹಮಾನ್ ಅವರಿಗೆ ಈ ಬಾರಿಯ ದಾದಾ ಸಾಹೇಬ್ ಫಾಲ್ಕೆ ಪ್ರಶಸ್ತಿ ಘೋಷಣೆಯಾಗಿದೆ. ಪ್ಯಾಸಾ, ಕಾಗಜ್ ಕೆ ಫೂಲ್, ಗೈಡ್ ಚಿತ್ರಗಳಲ್ಲಿ ಅವರ ಅಭಿನಯ ಅಜರಾಮರ.

ರಾಜ್‌ಕಪೂರ್‌ರಿಂದ ಅಮಿತಾಭ್‌ವರೆಗೆ ಹಲವು ದಿಗ್ಗಜರೊಂದಿಗೆ ನಟಿಸಿದರು. “ನಿಮ್ಮ ಕಣ್ಣುಗಳು ಕಥೆ ಹೇಳುತ್ತವೆ” ಎಂದು ಗುರುದತ್ ಹೇಳಿದ್ದರಂತೆ. ರೋಸಿಯ ಪಾತ್ರ ಅವರನ್ನು ಅಮರರನ್ನಾಗಿಸಿತು. 85ರ ಹರೆಯದಲ್ಲಿಯೂ ಅವರ ಉತ್ಸಾಹ ಕುಂದಿಲ್ಲ. ಕನ್ನಡಿಗರಿಗೆ ಅವರೆಂದರೆ ಅಭಿಮಾನ.

ಅನಂತ್ ನಾಗ್ ಜೊತೆ ಅಭಿನಯಿಸಿದ್ದರು. ಕನ್ನಡದ ಜನತೆ ಅವರನ್ನು ಮನದುಂಬಿ ಅಭಿನಂದಿಸುತ್ತಿದೆ. ಸಂಗೀತ, ನೃತ್ಯ ಮತ್ತು ಅಭಿನಯದಲ್ಲಿ ಅವರು ಮೆರೆದ ಪ್ರತಿಭೆ ಅಪರೂಪದ್ದು. ದಶಕಗಳ ಕಾಲ ಅವರು ಪ್ರೇಕ್ಷಕರ ಹೃದಯ ಗೆದ್ದರು.

ರಾಜ್‌ಕಪೂರ್‌ರಿಂದ ಅಮಿತಾಭ್‌ವರೆಗೆ ಹಲವು ದಿಗ್ಗಜರೊಂದಿಗೆ ನಟಿಸಿದರು. “ನಿಮ್ಮ ಕಣ್ಣುಗಳು ಕಥೆ ಹೇಳುತ್ತವೆ” ಎಂದು ಗುರುದತ್ ಹೇಳಿದ್ದರಂತೆ. ರೋಸಿಯ ಪಾತ್ರ ಅವರನ್ನು ಅಮರರನ್ನಾಗಿಸಿತು. 85ರ ಹರೆಯದಲ್ಲಿಯೂ ಅವರ ಉತ್ಸಾಹ ಕುಂದಿಲ್ಲ. ಕನ್ನಡಿಗರಿಗೆ ಅವರೆಂದರೆ ಅಭಿಮಾನ.

ದೇಶಕ್ಕೆ ಹಸಿವಿದ್ದವೇಳೆ ಅಕ್ಷಯಪಾತ್ರೆ ತಂದಿಟ್ಟರು!

ಈಗ ಯುವಜನರು ಅಕ್ಕಿ ಇಲ್ಲದ ಊಟದ ತಟ್ಟೆಯನ್ನು ಊಹಿಸಲೂ ಸಾಧ್ಯವಿಲ್ಲ. ಆದರೆ, 1960ರ ದಶಕದಲ್ಲಿ ಭಾರತ ಆಹಾರ ಕೊರತೆ ಎದುರಿಸುತ್ತಿತ್ತು. ಅಮೆರಿಕದಿಂದ ಗೋಧಿ ಆಮದು ಮಾಡಿಕೊಳ್ಳಬೇಕಾದ ಸ್ಥಿತಿ ಇತ್ತು. ಈ ಸಂದರ್ಭದಲ್ಲಿ ಎಂ.ಎಸ್. ಸ್ವಾಮಿನಾಥನ್ (1925–2023) ಹಸಿರು ಕ್ರಾಂತಿಗೆ ನಾಂದಿ ಹಾಡಿದರು.

ಹೆಚ್ಚು ಇಳುವರಿ ನೀಡುವ ಗೋಧಿ ತಳಿಗಳನ್ನು ಪರಿಚಯಿಸಿದರು. 1965ರಲ್ಲಿ ಪಂಜಾಬ್, ಹರಿಯಾಣದಲ್ಲಿ ಪ್ರಯೋಗಗಳು ಯಶಸ್ವಿಯಾದವು. ರೈತರ ಬದುಕು ಬದಲಾಯಿತು. ದೇಶ ಆಹಾರ ಸ್ವಾವಲಂಬನೆ ಸಾಧಿಸಿತು.

ಈಗ ಯುವಜನರು ಅಕ್ಕಿ ಇಲ್ಲದ ಊಟದ ತಟ್ಟೆಯನ್ನು ಊಹಿಸಲೂ ಸಾಧ್ಯವಿಲ್ಲ. ಆದರೆ, 1960ರ ದಶಕದಲ್ಲಿ ಭಾರತ ಆಹಾರ ಕೊರತೆ ಎದುರಿಸುತ್ತಿತ್ತು. ಅಮೆರಿಕದಿಂದ ಗೋಧಿ ಆಮದು ಮಾಡಿಕೊಳ್ಳಬೇಕಾದ ಸ್ಥಿತಿ ಇತ್ತು. ಈ ಸಂದರ್ಭದಲ್ಲಿ ಎಂ.ಎಸ್. ಸ್ವಾಮಿನಾಥನ್ (1925–2023) ಹಸಿರು ಕ್ರಾಂತಿಗೆ ನಾಂದಿ ಹಾಡಿದರು.

ಜೀವವೈವಿಧ್ಯ, ಸುಸ್ಥಿರ ಕೃಷಿಯ ಬಗ್ಗೆಯೂ ಅವರು ಕಾಳಜಿ ವಹಿಸಿದ್ದರು. ಸ್ವಾಮಿನಾಥನ್ ಆಯೋಗದ ವರದಿ ರೈತರ ಬೆಳೆಗೆ ವೈಜ್ಞಾನಿಕ ಬೆಲೆ ಸಿಗಬೇಕೆಂದು ಶಿಫಾರಸು ಮಾಡಿತು. ಅವರ ನಿಧನದಿಂದ ಕೃಷಿ ಲೋಕ ಬಡವಾಗಿದೆ. ದೇಶಕ್ಕೆ ಹಸಿವಿದ್ದ ವೇಳೆ ಅಕ್ಷಯಪಾತ್ರೆ ತಂದಿಟ್ಟ ಮಹಾನ್ ವಿಜ್ಞಾನಿ ಅವರು.

ವ್ಯಕ್ತಿಗಣ್ಣಡಿ
ಎಂ. ಕೀರ್ತಿಪ್ರಸಾದ್
keerthi.prasad@timesgroup.com

ಹೆಚ್ಚು ಇಳುವರಿ ನೀಡುವ ಗೋಧಿ ತಳಿಗಳನ್ನು ಪರಿಚಯಿಸಿದರು. 1965ರಲ್ಲಿ ಪಂಜಾಬ್, ಹರಿಯಾಣದಲ್ಲಿ ಪ್ರಯೋಗಗಳು ಯಶಸ್ವಿಯಾದವು. ರೈತರ ಬದುಕು ಬದಲಾಯಿತು. ದೇಶ ಆಹಾರ ಸ್ವಾವಲಂಬನೆ ಸಾಧಿಸಿತು.

ಈಗ ಯುವಜನರು ಅಕ್ಕಿ ಇಲ್ಲದ ಊಟದ ತಟ್ಟೆಯನ್ನು ಊಹಿಸಲೂ ಸಾಧ್ಯವಿಲ್ಲ. ಆದರೆ, 1960ರ ದಶಕದಲ್ಲಿ ಭಾರತ ಆಹಾರ ಕೊರತೆ ಎದುರಿಸುತ್ತಿತ್ತು. ಅಮೆರಿಕದಿಂದ ಗೋಧಿ ಆಮದು ಮಾಡಿಕೊಳ್ಳಬೇಕಾದ ಸ್ಥಿತಿ ಇತ್ತು. ಈ ಸಂದರ್ಭದಲ್ಲಿ ಎಂ.ಎಸ್. ಸ್ವಾಮಿನಾಥನ್ (1925–2023) ಹಸಿರು ಕ್ರಾಂತಿಗೆ ನಾಂದಿ ಹಾಡಿದರು.

ಹೆಚ್ಚು ಇಳುವರಿ ನೀಡುವ ಗೋಧಿ ತಳಿಗಳನ್ನು ಪರಿಚಯಿಸಿದರು. 1965ರಲ್ಲಿ ಪಂಜಾಬ್, ಹರಿಯಾಣದಲ್ಲಿ ಪ್ರಯೋಗಗಳು ಯಶಸ್ವಿಯಾದವು. ರೈತರ ಬದುಕು ಬದಲಾಯಿತು. ದೇಶ ಆಹಾರ ಸ್ವಾವಲಂಬನೆ ಸಾಧಿಸಿತು.

ಜೀವವೈವಿಧ್ಯ, ಸುಸ್ಥಿರ ಕೃಷಿಯ ಬಗ್ಗೆಯೂ ಅವರು ಕಾಳಜಿ ವಹಿಸಿದ್ದರು. ಸ್ವಾಮಿನಾಥನ್ ಆಯೋಗದ ವರದಿ ರೈತರ ಬೆಳೆಗೆ ವೈಜ್ಞಾನಿಕ ಬೆಲೆ ಸಿಗಬೇಕೆಂದು ಶಿಫಾರಸು ಮಾಡಿತು. ಅವರ ನಿಧನದಿಂದ ಕೃಷಿ ಲೋಕ ಬಡವಾಗಿದೆ. ದೇಶಕ್ಕೆ ಹಸಿವಿದ್ದ ವೇಳೆ ಅಕ್ಷಯಪಾತ್ರೆ ತಂದಿಟ್ಟ ಮಹಾನ್ ವಿಜ್ಞಾನಿ ಅವರು.

ಹೆಚ್ಚು ಇಳುವರಿ ನೀಡುವ ಗೋಧಿ ತಳಿಗಳನ್ನು ಪರಿಚಯಿಸಿದರು. 1965ರಲ್ಲಿ ಪಂಜಾಬ್, ಹರಿಯಾಣದಲ್ಲಿ ಪ್ರಯೋಗಗಳು ಯಶಸ್ವಿಯಾದವು. ರೈತರ ಬದುಕು ಬದಲಾಯಿತು. ದೇಶ ಆಹಾರ ಸ್ವಾವಲಂಬನೆ ಸಾಧಿಸಿತು.

ಜೀವವೈವಿಧ್ಯ, ಸುಸ್ಥಿರ ಕೃಷಿಯ ಬಗ್ಗೆಯೂ ಅವರು ಕಾಳಜಿ ವಹಿಸಿದ್ದರು. ಸ್ವಾಮಿನಾಥನ್ ಆಯೋಗದ ವರದಿ ರೈತರ ಬೆಳೆಗೆ ವೈಜ್ಞಾನಿಕ ಬೆಲೆ ಸಿಗಬೇಕೆಂದು ಶಿಫಾರಸು ಮಾಡಿತು. ಅವರ ನಿಧನದಿಂದ ಕೃಷಿ ಲೋಕ ಬಡವಾಗಿದೆ. ದೇಶಕ್ಕೆ ಹಸಿವಿದ್ದ ವೇಳೆ ಅಕ್ಷಯಪಾತ್ರೆ ತಂದಿಟ್ಟ ಮಹಾನ್ ವಿಜ್ಞಾನಿ ಅವರು.
